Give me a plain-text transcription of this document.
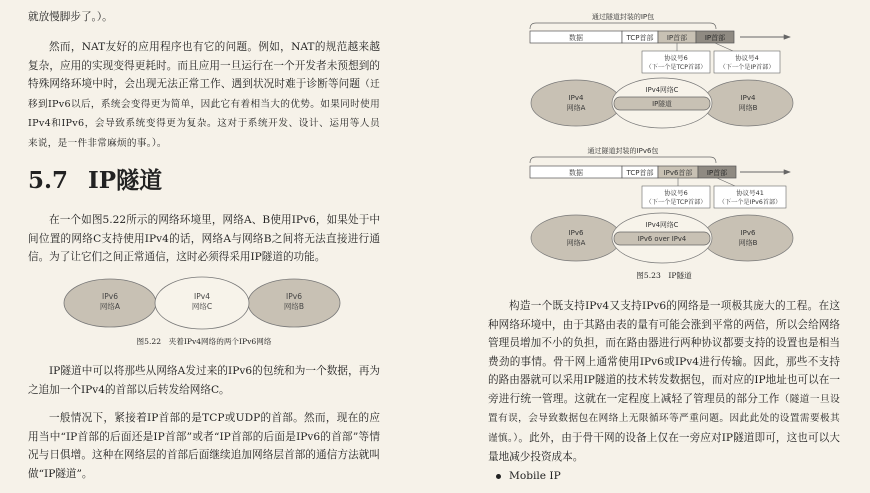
就放慢脚步了。）。

然而，NAT友好的应用程序也有它的问题。例如，NAT的规范越来越复杂，应用的实现变得更耗时。而且应用一旦运行在一个开发者未预想到的特殊网络环境中时，会出现无法正常工作、遇到状况时难于诊断等问题（迁移到IPv6以后，系统会变得更为简单，因此它有着相当大的优势。如果同时使用IPv4和IPv6，会导致系统变得更为复杂。这对于系统开发、设计、运用等人员来说，是一件非常麻烦的事。）。

5.7 IP隧道

在一个如图5.22所示的网络环境里，网络A、B使用IPv6，如果处于中间位置的网络C支持使用IPv4的话，网络A与网络B之间将无法直接进行通信。为了让它们之间正常通信，这时必须得采用IP隧道的功能。

IPv6
网络A
IPv4
网络C
IPv6
网络B

图5.22　夹着IPv4网络的两个IPv6网络

IP隧道中可以将那些从网络A发过来的IPv6的包统和为一个数据，再为之追加一个IPv4的首部以后转发给网络C。

一般情况下，紧接着IP首部的是TCP或UDP的首部。然而，现在的应用当中“IP首部的后面还是IP首部”或者“IP首部的后面是IPv6的首部”等情况与日俱增。这种在网络层的首部后面继续追加网络层首部的通信方法就叫做“IP隧道”。

通过隧道封装的IP包
数据	TCP首部 IP首部	IP首部
协议号6
（下一个是TCP首部）
协议号4
（下一个是IP首部）
IPv4
网络A
IPv4网络C
IP隧道
IPv4
网络B
通过隧道封装的IPv6包
数据	TCP首部 IPv6首部 IP首部
协议号6
（下一个是TCP首部）
协议号41
（下一个是IPv6首部）
IPv6
网络A
IPv4网络C
IPv6 over IPv4
IPv6
网络B

图5.23　IP隧道

构造一个既支持IPv4又支持IPv6的网络是一项极其庞大的工程。在这种网络环境中，由于其路由表的量有可能会涨到平常的两倍，所以会给网络管理员增加不小的负担，而在路由器进行两种协议都要支持的设置也是相当费劲的事情。骨干网上通常使用IPv6或IPv4进行传输。因此，那些不支持的路由器就可以采用IP隧道的技术转发数据包，而对应的IP地址也可以在一旁进行统一管理。这就在一定程度上减轻了管理员的部分工作（隧道一旦设置有误，会导致数据包在网络上无限循环等严重问题。因此此处的设置需要极其谨慎。）。此外，由于骨干网的设备上仅在一旁应对IP隧道即可，这也可以大量地减少投资成本。

Mobile IP
